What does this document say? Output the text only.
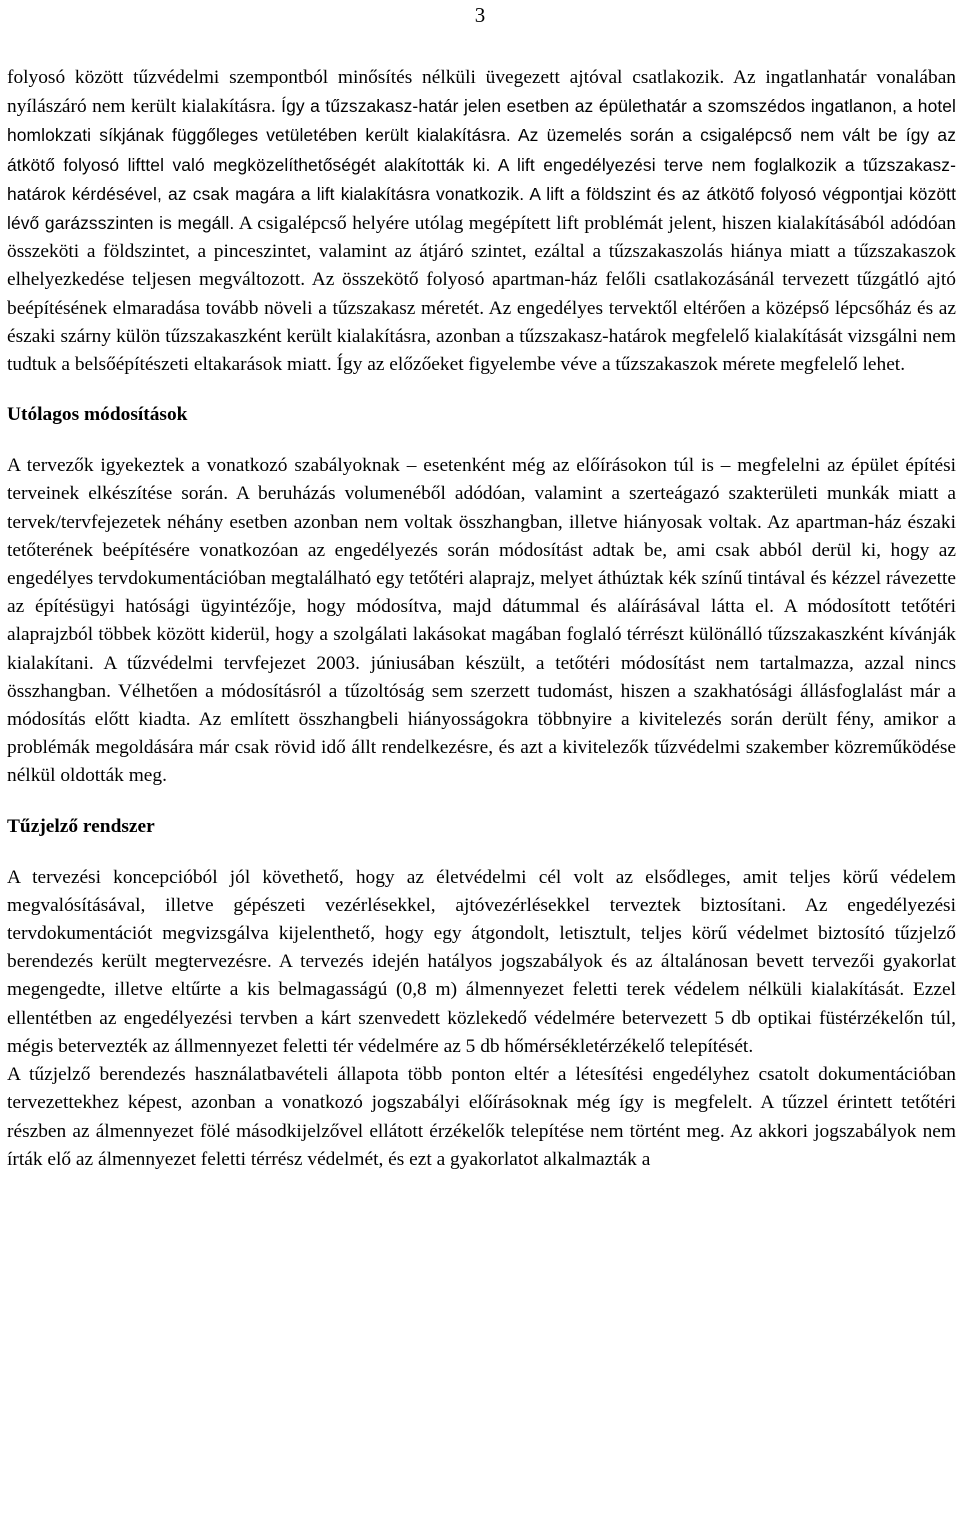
3

folyosó között tűzvédelmi szempontból minősítés nélküli üvegezett ajtóval csatlakozik. Az ingatlanhatár vonalában nyílászáró nem került kialakításra. Így a tűzszakasz-határ jelen esetben az épülethatár a szomszédos ingatlanon, a hotel homlokzati síkjának függőleges vetületében került kialakításra. Az üzemelés során a csigalépcső nem vált be így az átkötő folyosó lifttel való megközelíthetőségét alakították ki. A lift engedélyezési terve nem foglalkozik a tűzszakasz-határok kérdésével, az csak magára a lift kialakításra vonatkozik. A lift a földszint és az átkötő folyosó végpontjai között lévő garázsszinten is megáll. A csigalépcső helyére utólag megépített lift problémát jelent, hiszen kialakításából adódóan összeköti a földszintet, a pinceszintet, valamint az átjáró szintet, ezáltal a tűzszakaszolás hiánya miatt a tűzszakaszok elhelyezkedése teljesen megváltozott. Az összekötő folyosó apartman-ház felőli csatlakozásánál tervezett tűzgátló ajtó beépítésének elmaradása tovább növeli a tűzszakasz méretét. Az engedélyes tervektől eltérően a középső lépcsőház és az északi szárny külön tűzszakaszként került kialakításra, azonban a tűzszakasz-határok megfelelő kialakítását vizsgálni nem tudtuk a belsőépítészeti eltakarások miatt. Így az előzőeket figyelembe véve a tűzszakaszok mérete megfelelő lehet.

Utólagos módosítások

A tervezők igyekeztek a vonatkozó szabályoknak – esetenként még az előírásokon túl is – megfelelni az épület építési terveinek elkészítése során. A beruházás volumenéből adódóan, valamint a szerteágazó szakterületi munkák miatt a tervek/tervfejezetek néhány esetben azonban nem voltak összhangban, illetve hiányosak voltak. Az apartman-ház északi tetőterének beépítésére vonatkozóan az engedélyezés során módosítást adtak be, ami csak abból derül ki, hogy az engedélyes tervdokumentációban megtalálható egy tetőtéri alaprajz, melyet áthúztak kék színű tintával és kézzel rávezette az építésügyi hatósági ügyintézője, hogy módosítva, majd dátummal és aláírásával látta el. A módosított tetőtéri alaprajzból többek között kiderül, hogy a szolgálati lakásokat magában foglaló térrészt különálló tűzszakaszként kívánják kialakítani. A tűzvédelmi tervfejezet 2003. júniusában készült, a tetőtéri módosítást nem tartalmazza, azzal nincs összhangban. Vélhetően a módosításról a tűzoltóság sem szerzett tudomást, hiszen a szakhatósági állásfoglalást már a módosítás előtt kiadta. Az említett összhangbeli hiányosságokra többnyire a kivitelezés során derült fény, amikor a problémák megoldására már csak rövid idő állt rendelkezésre, és azt a kivitelezők tűzvédelmi szakember közreműködése nélkül oldották meg.

Tűzjelző rendszer

A tervezési koncepcióból jól követhető, hogy az életvédelmi cél volt az elsődleges, amit teljes körű védelem megvalósításával, illetve gépészeti vezérlésekkel, ajtóvezérlésekkel terveztek biztosítani. Az engedélyezési tervdokumentációt megvizsgálva kijelenthető, hogy egy átgondolt, letisztult, teljes körű védelmet biztosító tűzjelző berendezés került megtervezésre. A tervezés idején hatályos jogszabályok és az általánosan bevett tervezői gyakorlat megengedte, illetve eltűrte a kis belmagasságú (0,8 m) álmennyezet feletti terek védelem nélküli kialakítását. Ezzel ellentétben az engedélyezési tervben a kárt szenvedett közlekedő védelmére betervezett 5 db optikai füstérzékelőn túl, mégis betervezték az állmennyezet feletti tér védelmére az 5 db hőmérsékletérzékelő telepítését.

A tűzjelző berendezés használatbavételi állapota több ponton eltér a létesítési engedélyhez csatolt dokumentációban tervezettekhez képest, azonban a vonatkozó jogszabályi előírásoknak még így is megfelelt. A tűzzel érintett tetőtéri részben az álmennyezet fölé másodkijelzővel ellátott érzékelők telepítése nem történt meg. Az akkori jogszabályok nem írták elő az álmennyezet feletti térrész védelmét, és ezt a gyakorlatot alkalmazták a
